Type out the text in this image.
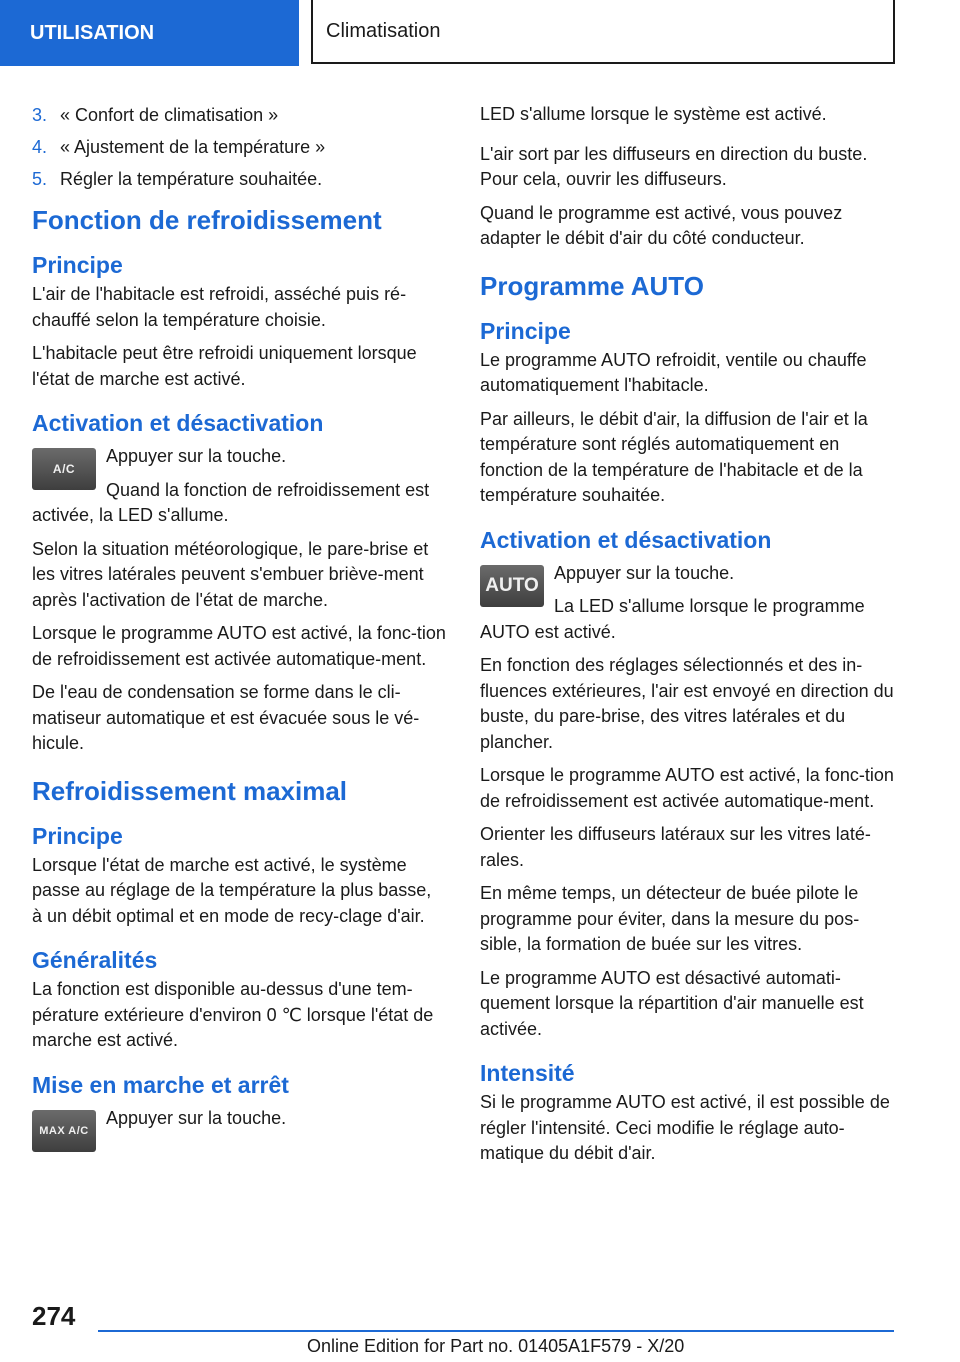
UTILISATION	Climatisation
3. « Confort de climatisation »
4. « Ajustement de la température »
5. Régler la température souhaitée.
Fonction de refroidissement
Principe

L'air de l'habitacle est refroidi, asséché puis ré‐chauffé selon la température choisie.

L'habitacle peut être refroidi uniquement lorsque l'état de marche est activé.

Activation et désactivation
A/C

Appuyer sur la touche.

Quand la fonction de refroidissement est activée, la LED s'allume.

Selon la situation météorologique, le pare-brise et les vitres latérales peuvent s'embuer briève‐ment après l'activation de l'état de marche.

Lorsque le programme AUTO est activé, la fonc‐tion de refroidissement est activée automatique‐ment.

De l'eau de condensation se forme dans le cli‐matiseur automatique et est évacuée sous le vé‐hicule.

Refroidissement maximal
Principe

Lorsque l'état de marche est activé, le système passe au réglage de la température la plus basse, à un débit optimal et en mode de recy‐clage d'air.

Généralités

La fonction est disponible au-dessus d'une tem‐pérature extérieure d'environ 0 ℃ lorsque l'état de marche est activé.

Mise en marche et arrêt
MAX A/C

Appuyer sur la touche.

LED s'allume lorsque le système est activé.

L'air sort par les diffuseurs en direction du buste. Pour cela, ouvrir les diffuseurs.

Quand le programme est activé, vous pouvez adapter le débit d'air du côté conducteur.

Programme AUTO
Principe

Le programme AUTO refroidit, ventile ou chauffe automatiquement l'habitacle.

Par ailleurs, le débit d'air, la diffusion de l'air et la température sont réglés automatiquement en fonction de la température de l'habitacle et de la température souhaitée.

Activation et désactivation
AUTO

Appuyer sur la touche.

La LED s'allume lorsque le programme AUTO est activé.

En fonction des réglages sélectionnés et des in‐fluences extérieures, l'air est envoyé en direction du buste, du pare-brise, des vitres latérales et du plancher.

Lorsque le programme AUTO est activé, la fonc‐tion de refroidissement est activée automatique‐ment.

Orienter les diffuseurs latéraux sur les vitres laté‐rales.

En même temps, un détecteur de buée pilote le programme pour éviter, dans la mesure du pos‐sible, la formation de buée sur les vitres.

Le programme AUTO est désactivé automati‐quement lorsque la répartition d'air manuelle est activée.

Intensité

Si le programme AUTO est activé, il est possible de régler l'intensité. Ceci modifie le réglage auto‐matique du débit d'air.

274
Online Edition for Part no. 01405A1F579 - X/20
